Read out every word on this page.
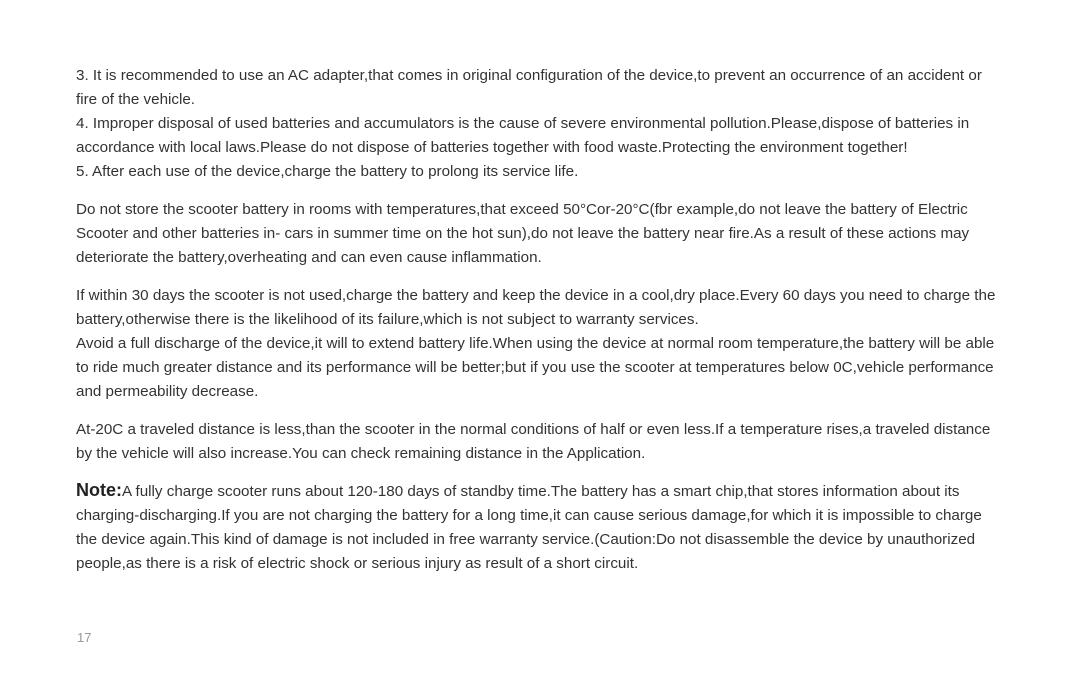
3. It is recommended to use an AC adapter,that comes in original configuration of the device,to prevent an occurrence of an accident or fire of the vehicle.

4. Improper disposal of used batteries and accumulators is the cause of severe environmental pollution.Please,dispose of batteries in accordance with local laws.Please do not dispose of batteries together with food waste.Protecting the environment together!

5. After each use of the device,charge the battery to prolong its service life.

Do not store the scooter battery in rooms with temperatures,that exceed 50°Cor-20°C(fbr example,do not leave the battery of Electric Scooter and other batteries in- cars in summer time on the hot sun),do not leave the battery near fire.As a result of these actions may deteriorate the battery,overheating and can even cause inflammation.

If within 30 days the scooter is not used,charge the battery and keep the device in a cool,dry place.Every 60 days you need to charge the battery,otherwise there is the likelihood of its failure,which is not subject to warranty services.

Avoid a full discharge of the device,it will to extend battery life.When using the device at normal room temperature,the battery will be able to ride much greater distance and its performance will be better;but if you use the scooter at temperatures below 0C,vehicle performance and permeability decrease.

At-20C a traveled distance is less,than the scooter in the normal conditions of half or even less.If a temperature rises,a traveled distance by the vehicle will also increase.You can check remaining distance in the Application.

Note:A fully charge scooter runs about 120-180 days of standby time.The battery has a smart chip,that stores information about its charging-discharging.If you are not charging the battery for a long time,it can cause serious damage,for which it is impossible to charge the device again.This kind of damage is not included in free warranty service.(Caution:Do not disassemble the device by unauthorized people,as there is a risk of electric shock or serious injury as result of a short circuit.

17
